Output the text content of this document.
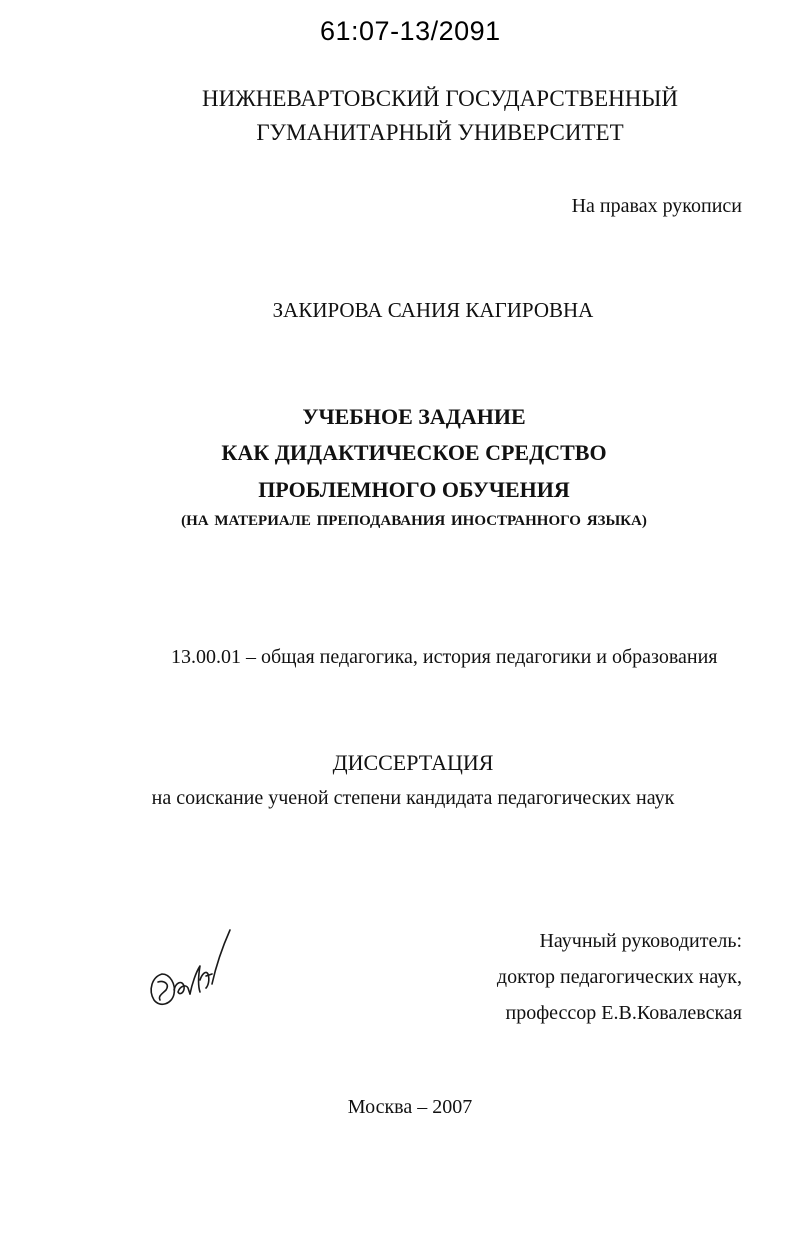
61:07-13/2091

НИЖНЕВАРТОВСКИЙ ГОСУДАРСТВЕННЫЙ

ГУМАНИТАРНЫЙ УНИВЕРСИТЕТ

На правах рукописи

ЗАКИРОВА САНИЯ КАГИРОВНА

УЧЕБНОЕ ЗАДАНИЕ

КАК ДИДАКТИЧЕСКОЕ СРЕДСТВО

ПРОБЛЕМНОГО ОБУЧЕНИЯ

(НА МАТЕРИАЛЕ ПРЕПОДАВАНИЯ ИНОСТРАННОГО ЯЗЫКА)

13.00.01 – общая педагогика, история педагогики и образования

ДИССЕРТАЦИЯ

на соискание ученой степени кандидата педагогических наук

Научный руководитель:

доктор педагогических наук,

профессор Е.В.Ковалевская

Москва – 2007
